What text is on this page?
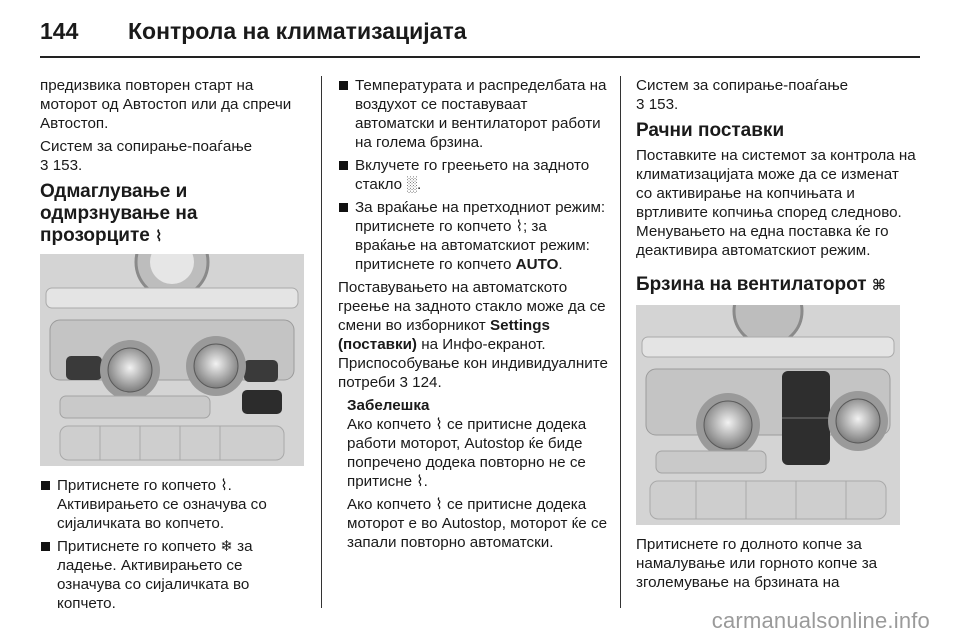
144 Контрола на климатизацијата

предизвика повторен старт на моторот од Автостоп или да спречи Автостоп.

Систем за сопирање-поаѓање
3 153.

Одмаглување и одмрзнување на прозорците ⌇
Притиснете го копчето ⌇. Активирањето се означува со сијаличката во копчето.
Притиснете го копчето ❄ за ладење. Активирањето се означува со сијаличката во копчето.
Температурата и распределбата на воздухот се поставуваат автоматски и вентилаторот работи на голема брзина.
Вклучете го греењето на задното стакло ░.
За враќање на претходниот режим: притиснете го копчето ⌇; за враќање на автоматскиот режим: притиснете го копчето AUTO.

Поставувањето на автоматското греење на задното стакло може да се смени во изборникот Settings (поставки) на Инфо-екранот. Приспособување кон индивидуалните потреби 3 124.

Забелешка

Ако копчето ⌇ се притисне додека работи моторот, Autostop ќе биде попречено додека повторно не се притисне ⌇.

Ако копчето ⌇ се притисне додека моторот е во Autostop, моторот ќе се запали повторно автоматски.

Систем за сопирање-поаѓање
3 153.

Рачни поставки

Поставките на системот за контрола на климатизацијата може да се изменат со активирање на копчињата и вртливите копчиња според следново. Менувањето на една поставка ќе го деактивира автоматскиот режим.

Брзина на вентилаторот ⌘

Притиснете го долното копче за намалување или горното копче за зголемување на брзината на

carmanualsonline.info
